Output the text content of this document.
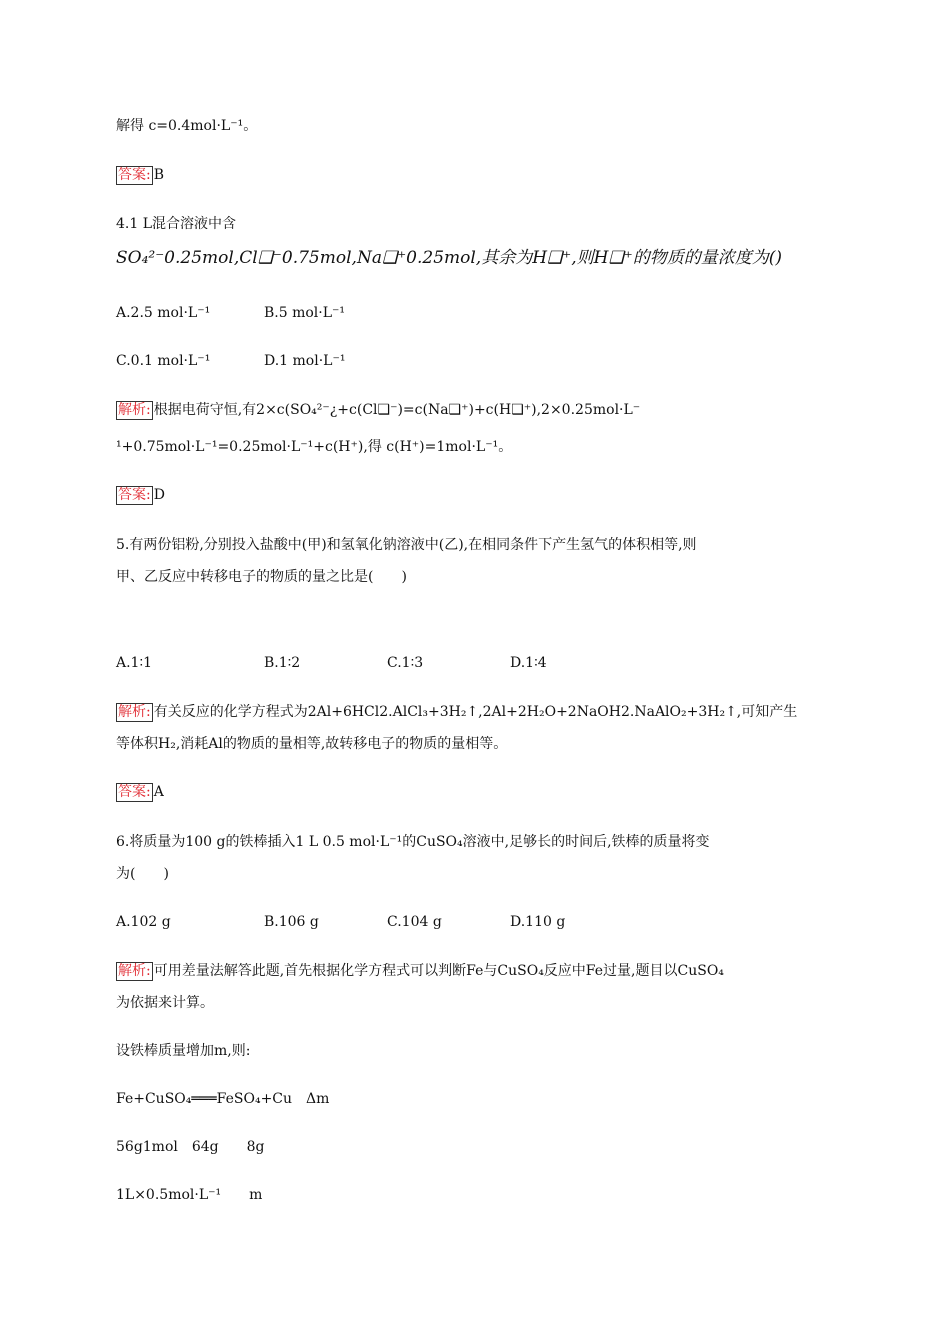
解得 c=0.4mol·L⁻¹。
答案: B
4.1 L混合溶液中含
SO₄²⁻0.25mol,Cl❑⁻0.75mol,Na❑⁺0.25mol,其余为H❑⁺,则H❑⁺的物质的量浓度为()
A.2.5 mol·L⁻¹	B.5 mol·L⁻¹
C.0.1 mol·L⁻¹	D.1 mol·L⁻¹
解析: 根据电荷守恒,有2×c(SO₄²⁻¿+c(Cl❑⁻)=c(Na❑⁺)+c(H❑⁺),2×0.25mol·L⁻
¹+0.75mol·L⁻¹=0.25mol·L⁻¹+c(H⁺),得 c(H⁺)=1mol·L⁻¹。
答案: D
5.有两份铝粉,分别投入盐酸中(甲)和氢氧化钠溶液中(乙),在相同条件下产生氢气的体积相等,则
甲、乙反应中转移电子的物质的量之比是(　　)
A.1∶1	B.1∶2	C.1∶3	D.1∶4
解析: 有关反应的化学方程式为2Al+6HCl2.AlCl₃+3H₂↑,2Al+2H₂O+2NaOH2.NaAlO₂+3H₂↑,可知产生
等体积H₂,消耗Al的物质的量相等,故转移电子的物质的量相等。
答案: A
6.将质量为100 g的铁棒插入1 L 0.5 mol·L⁻¹的CuSO₄溶液中,足够长的时间后,铁棒的质量将变
为(　　)
A.102 g	B.106 g	C.104 g	D.110 g
解析: 可用差量法解答此题,首先根据化学方程式可以判断Fe与CuSO₄反应中Fe过量,题目以CuSO₄
为依据来计算。
设铁棒质量增加m,则:
Fe+CuSO₄═══FeSO₄+Cu　Δm
56g1mol　64g　　8g
1L×0.5mol·L⁻¹　　m
